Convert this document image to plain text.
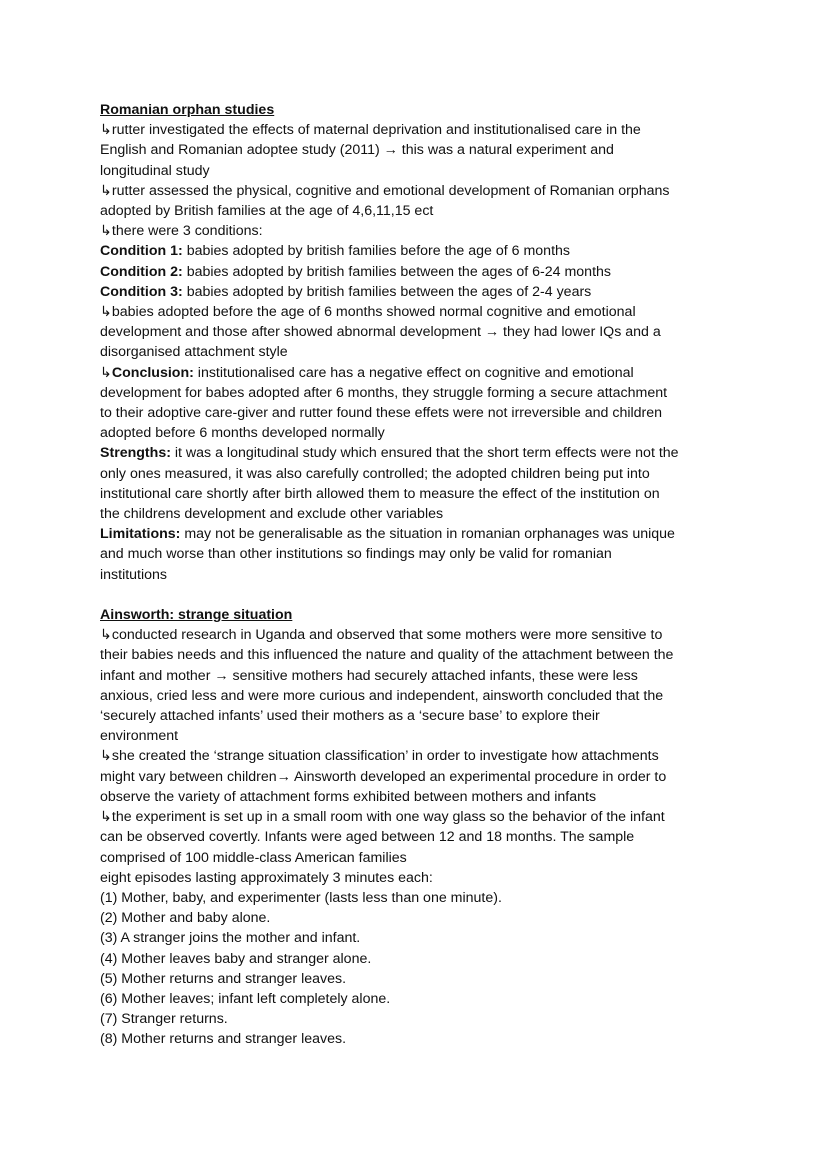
Romanian orphan studies
↳rutter investigated the effects of maternal deprivation and institutionalised care in the
English and Romanian adoptee study (2011) → this was a natural experiment and
longitudinal study
↳rutter assessed the physical, cognitive and emotional development of Romanian orphans
adopted by British families at the age of 4,6,11,15 ect
↳there were 3 conditions:
Condition 1: babies adopted by british families before the age of 6 months
Condition 2: babies adopted by british families between the ages of 6-24 months
Condition 3: babies adopted by british families between the ages of 2-4 years
↳babies adopted before the age of 6 months showed normal cognitive and emotional
development and those after showed abnormal development → they had lower IQs and a
disorganised attachment style
↳Conclusion: institutionalised care has a negative effect on cognitive and emotional
development for babes adopted after 6 months, they struggle forming a secure attachment
to their adoptive care-giver and rutter found these effets were not irreversible and children
adopted before 6 months developed normally
Strengths: it was a longitudinal study which ensured that the short term effects were not the
only ones measured, it was also carefully controlled; the adopted children being put into
institutional care shortly after birth allowed them to measure the effect of the institution on
the childrens development and exclude other variables
Limitations: may not be generalisable as the situation in romanian orphanages was unique
and much worse than other institutions so findings may only be valid for romanian
institutions
Ainsworth: strange situation
↳conducted research in Uganda and observed that some mothers were more sensitive to
their babies needs and this influenced the nature and quality of the attachment between the
infant and mother → sensitive mothers had securely attached infants, these were less
anxious, cried less and were more curious and independent, ainsworth concluded that the
‘securely attached infants’ used their mothers as a ‘secure base’ to explore their
environment
↳she created the ‘strange situation classification’ in order to investigate how attachments
might vary between children→ Ainsworth developed an experimental procedure in order to
observe the variety of attachment forms exhibited between mothers and infants
↳the experiment is set up in a small room with one way glass so the behavior of the infant
can be observed covertly. Infants were aged between 12 and 18 months. The sample
comprised of 100 middle-class American families
eight episodes lasting approximately 3 minutes each:
(1) Mother, baby, and experimenter (lasts less than one minute).
(2) Mother and baby alone.
(3) A stranger joins the mother and infant.
(4) Mother leaves baby and stranger alone.
(5) Mother returns and stranger leaves.
(6) Mother leaves; infant left completely alone.
(7) Stranger returns.
(8) Mother returns and stranger leaves.
